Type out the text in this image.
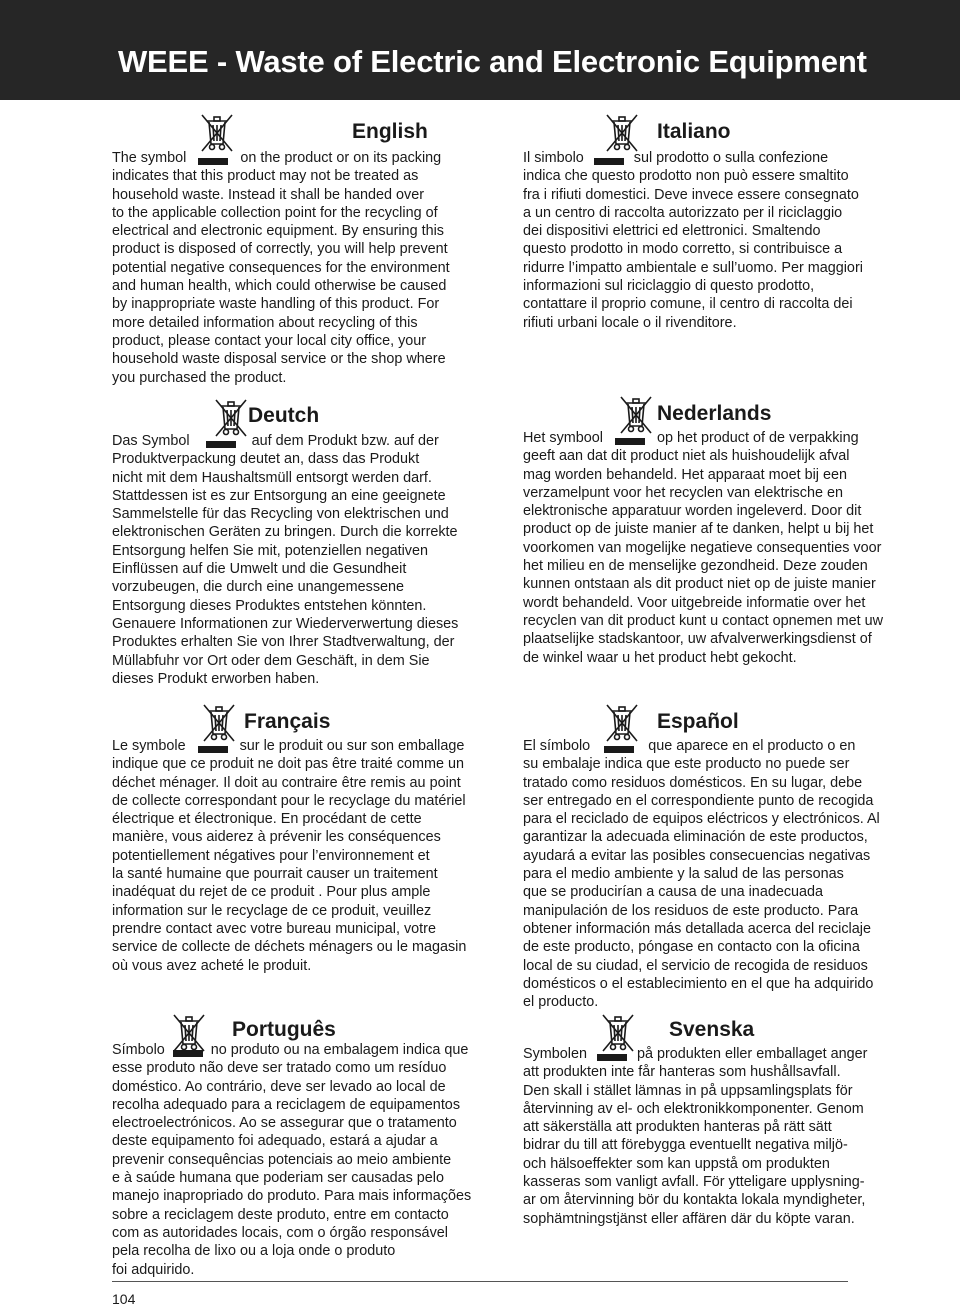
WEEE - Waste of Electric and Electronic Equipment
English

The symbol	on the product or on its packing

indicates that this product may not be treated as

household waste. Instead it shall be handed over

to the applicable collection point for the recycling of

electrical and electronic equipment. By ensuring this

product is disposed of correctly, you will help prevent

potential negative consequences for the environment

and human health, which could otherwise be caused

by inappropriate waste handling of this product. For

more detailed information about recycling of this

product, please contact your local city office, your

household waste disposal service or the shop where

you purchased the product.

Italiano

Il simbolo	sul prodotto o sulla confezione

indica che questo prodotto non può essere smaltito

fra i rifiuti domestici. Deve invece essere consegnato

a un centro di raccolta autorizzato per il riciclaggio

dei dispositivi elettrici ed elettronici. Smaltendo

questo prodotto in modo corretto, si contribuisce a

ridurre l’impatto ambientale e sull’uomo. Per maggiori

informazioni sul riciclaggio di questo prodotto,

contattare il proprio comune, il centro di raccolta dei

rifiuti urbani locale o il rivenditore.

Deutch

Das Symbol	auf dem Produkt bzw. auf der

Produktverpackung deutet an, dass das Produkt

nicht mit dem Haushaltsmüll entsorgt werden darf.

Stattdessen ist es zur Entsorgung an eine geeignete

Sammelstelle für das Recycling von elektrischen und

elektronischen Geräten zu bringen. Durch die korrekte

Entsorgung helfen Sie mit, potenziellen negativen

Einflüssen auf die Umwelt und die Gesundheit

vorzubeugen, die durch eine unangemessene

Entsorgung dieses Produktes entstehen könnten.

Genauere Informationen zur Wiederverwertung dieses

Produktes erhalten Sie von Ihrer Stadtverwaltung, der

Müllabfuhr vor Ort oder dem Geschäft, in dem Sie

dieses Produkt erworben haben.

Nederlands

Het symbool	op het product of de verpakking

geeft aan dat dit product niet als huishoudelijk afval

mag worden behandeld. Het apparaat moet bij een

verzamelpunt voor het recyclen van elektrische en

elektronische apparatuur worden ingeleverd. Door dit

product op de juiste manier af te danken, helpt u bij het

voorkomen van mogelijke negatieve consequenties voor

het milieu en de menselijke gezondheid. Deze zouden

kunnen ontstaan als dit product niet op de juiste manier

wordt behandeld. Voor uitgebreide informatie over het

recyclen van dit product kunt u contact opnemen met uw

plaatselijke stadskantoor, uw afvalverwerkingsdienst of

de winkel waar u het product hebt gekocht.

Français

Le symbole	sur le produit ou sur son emballage

indique que ce produit ne doit pas être traité comme un

déchet ménager. Il doit au contraire être remis au point

de collecte correspondant pour le recyclage du matériel

électrique et électronique. En procédant de cette

manière, vous aiderez à prévenir les conséquences

potentiellement négatives pour l’environnement et

la santé humaine que pourrait causer un traitement

inadéquat du rejet de ce produit . Pour plus ample

information sur le recyclage de ce produit, veuillez

prendre contact avec votre bureau municipal, votre

service de collecte de déchets ménagers ou le magasin

où vous avez acheté le produit.

Español

El símbolo	que aparece en el producto o en

su embalaje indica que este producto no puede ser

tratado como residuos domésticos. En su lugar, debe

ser entregado en el correspondiente punto de recogida

para el reciclado de equipos eléctricos y electrónicos. Al

garantizar la adecuada eliminación de este productos,

ayudará a evitar las posibles consecuencias negativas

para el medio ambiente y la salud de las personas

que se producirían a causa de una inadecuada

manipulación de los residuos de este producto. Para

obtener información más detallada acerca del reciclaje

de este producto, póngase en contacto con la oficina

local de su ciudad, el servicio de recogida de residuos

domésticos o el establecimiento en el que ha adquirido

el producto.

Português

Símbolo	no produto ou na embalagem indica que

esse produto não deve ser tratado como um resíduo

doméstico. Ao contrário, deve ser levado ao local de

recolha adequado para a reciclagem de equipamentos

electroelectrónicos. Ao se assegurar que o tratamento

deste equipamento foi adequado, estará a ajudar a

prevenir consequências potenciais ao meio ambiente

e à saúde humana que poderiam ser causadas pelo

manejo inapropriado do produto. Para mais informações

sobre a reciclagem deste produto, entre em contacto

com as autoridades locais, com o órgão responsável

pela recolha de lixo ou a loja onde o produto

foi adquirido.

Svenska

Symbolen	på produkten eller emballaget anger

att produkten inte får hanteras som hushållsavfall.

Den skall i stället lämnas in på uppsamlingsplats för

återvinning av el- och elektronikkomponenter. Genom

att säkerställa att produkten hanteras på rätt sätt

bidrar du till att förebygga eventuellt negativa miljö-

och hälsoeffekter som kan uppstå om produkten

kasseras som vanligt avfall. För ytteligare upplysning-

ar om återvinning bör du kontakta lokala myndigheter,

sophämtningstjänst eller affären där du köpte varan.

104
